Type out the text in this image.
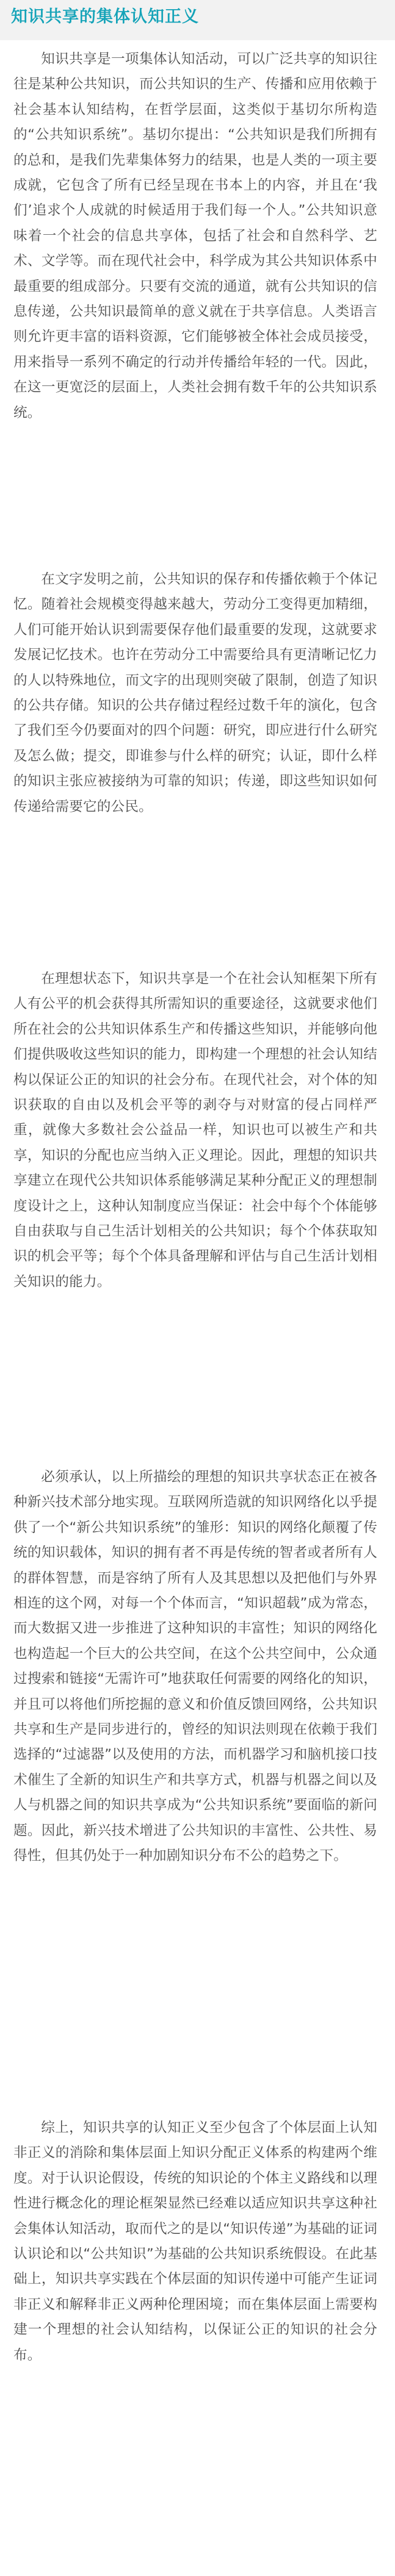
知识共享的集体认知正义

知识共享是一项集体认知活动，可以广泛共享的知识往往是某种公共知识，而公共知识的生产、传播和应用依赖于社会基本认知结构，在哲学层面，这类似于基切尔所构造的“公共知识系统”。基切尔提出：“公共知识是我们所拥有的总和，是我们先辈集体努力的结果，也是人类的一项主要成就，它包含了所有已经呈现在书本上的内容，并且在‘我们’追求个人成就的时候适用于我们每一个人。”公共知识意味着一个社会的信息共享体，包括了社会和自然科学、艺术、文学等。而在现代社会中，科学成为其公共知识体系中最重要的组成部分。只要有交流的通道，就有公共知识的信息传递，公共知识最简单的意义就在于共享信息。人类语言则允许更丰富的语料资源，它们能够被全体社会成员接受，用来指导一系列不确定的行动并传播给年轻的一代。因此，在这一更宽泛的层面上，人类社会拥有数千年的公共知识系统。

在文字发明之前，公共知识的保存和传播依赖于个体记忆。随着社会规模变得越来越大，劳动分工变得更加精细，人们可能开始认识到需要保存他们最重要的发现，这就要求发展记忆技术。也许在劳动分工中需要给具有更清晰记忆力的人以特殊地位，而文字的出现则突破了限制，创造了知识的公共存储。知识的公共存储过程经过数千年的演化，包含了我们至今仍要面对的四个问题：研究，即应进行什么研究及怎么做；提交，即谁参与什么样的研究；认证，即什么样的知识主张应被接纳为可靠的知识；传递，即这些知识如何传递给需要它的公民。

在理想状态下，知识共享是一个在社会认知框架下所有人有公平的机会获得其所需知识的重要途径，这就要求他们所在社会的公共知识体系生产和传播这些知识，并能够向他们提供吸收这些知识的能力，即构建一个理想的社会认知结构以保证公正的知识的社会分布。在现代社会，对个体的知识获取的自由以及机会平等的剥夺与对财富的侵占同样严重，就像大多数社会公益品一样，知识也可以被生产和共享，知识的分配也应当纳入正义理论。因此，理想的知识共享建立在现代公共知识体系能够满足某种分配正义的理想制度设计之上，这种认知制度应当保证：社会中每个个体能够自由获取与自己生活计划相关的公共知识；每个个体获取知识的机会平等；每个个体具备理解和评估与自己生活计划相关知识的能力。

必须承认，以上所描绘的理想的知识共享状态正在被各种新兴技术部分地实现。互联网所造就的知识网络化以乎提供了一个“新公共知识系统”的雏形：知识的网络化颠覆了传统的知识载体，知识的拥有者不再是传统的智者或者所有人的群体智慧，而是容纳了所有人及其思想以及把他们与外界相连的这个网，对每一个个体而言，“知识超载”成为常态，而大数据又进一步推进了这种知识的丰富性；知识的网络化也构造起一个巨大的公共空间，在这个公共空间中，公众通过搜索和链接“无需许可”地获取任何需要的网络化的知识，并且可以将他们所挖掘的意义和价值反馈回网络，公共知识共享和生产是同步进行的，曾经的知识法则现在依赖于我们选择的“过滤器”以及使用的方法，而机器学习和脑机接口技术催生了全新的知识生产和共享方式，机器与机器之间以及人与机器之间的知识共享成为“公共知识系统”要面临的新问题。因此，新兴技术增进了公共知识的丰富性、公共性、易得性，但其仍处于一种加剧知识分布不公的趋势之下。

综上，知识共享的认知正义至少包含了个体层面上认知非正义的消除和集体层面上知识分配正义体系的构建两个维度。对于认识论假设，传统的知识论的个体主义路线和以理性进行概念化的理论框架显然已经难以适应知识共享这种社会集体认知活动，取而代之的是以“知识传递”为基础的证词认识论和以“公共知识”为基础的公共知识系统假设。在此基础上，知识共享实践在个体层面的知识传递中可能产生证词非正义和解释非正义两种伦理困境；而在集体层面上需要构建一个理想的社会认知结构，以保证公正的知识的社会分布。
